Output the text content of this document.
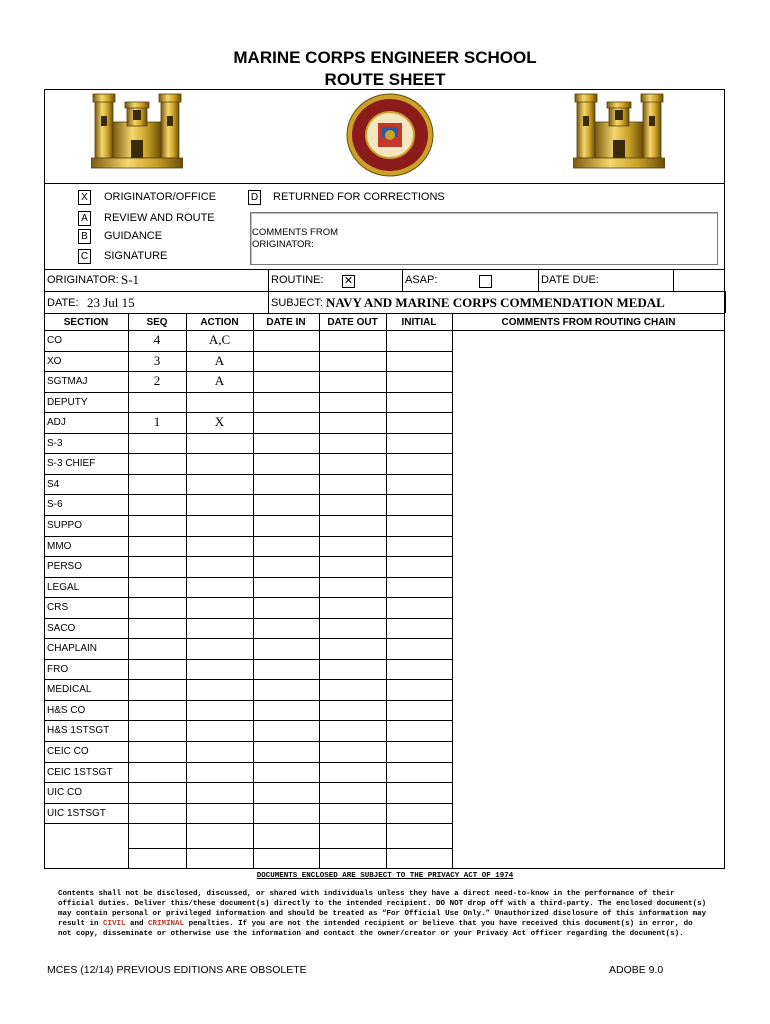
MARINE CORPS ENGINEER SCHOOL
ROUTE SHEET
X ORIGINATOR/OFFICE	D RETURNED FOR CORRECTIONS
A REVIEW AND ROUTE
B GUIDANCE
C SIGNATURE
COMMENTS FROM
ORIGINATOR:
ORIGINATOR: S-1	ROUTINE: ✕	ASAP:	DATE DUE:
DATE: 23 Jul 15	SUBJECT: NAVY AND MARINE CORPS COMMENDATION MEDAL
SECTION	SEQ	ACTION	DATE IN	DATE OUT	INITIAL	COMMENTS FROM ROUTING CHAIN
CO	4	A,C
XO	3	A
SGTMAJ	2	A
DEPUTY
ADJ	1	X
S-3
S-3 CHIEF
S4
S-6
SUPPO
MMO
PERSO
LEGAL
CRS
SACO
CHAPLAIN
FRO
MEDICAL
H&S CO
H&S 1STSGT
CEIC CO
CEIC 1STSGT
UIC CO
UIC 1STSGT
DOCUMENTS ENCLOSED ARE SUBJECT TO THE PRIVACY ACT OF 1974
Contents shall not be disclosed, discussed, or shared with individuals unless they have a direct need-to-know in the performance of their
official duties. Deliver this/these document(s) directly to the intended recipient. DO NOT drop off with a third-party. The enclosed document(s)
may contain personal or privileged information and should be treated as “For Official Use Only.” Unauthorized disclosure of this information may
result in CIVIL and CRIMINAL penalties. If you are not the intended recipient or believe that you have received this document(s) in error, do
not copy, disseminate or otherwise use the information and contact the owner/creator or your Privacy Act officer regarding the document(s).
MCES (12/14) PREVIOUS EDITIONS ARE OBSOLETE	ADOBE 9.0
